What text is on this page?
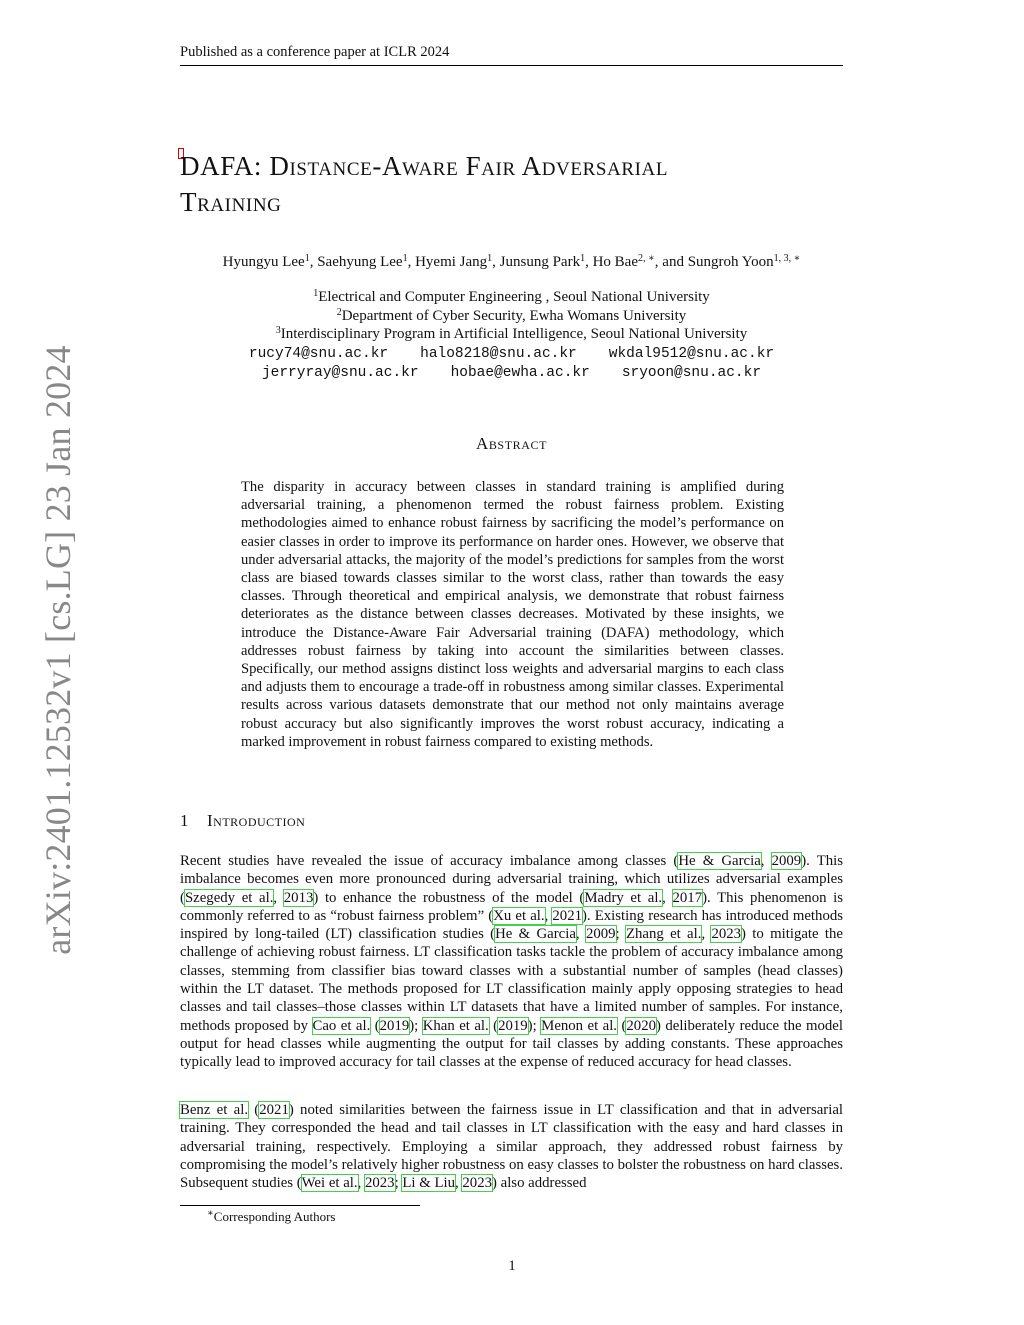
Published as a conference paper at ICLR 2024
arXiv:2401.12532v1 [cs.LG] 23 Jan 2024
DAFA: Distance-Aware Fair Adversarial
Training
Hyungyu Lee$^1$, Saehyung Lee$^1$, Hyemi Jang$^1$, Junsung Park$^1$, Ho Bae$^{2, ∗}$, and Sungroh Yoon$^{1, 3, ∗}$
$^1$Electrical and Computer Engineering , Seoul National University
$^2$Department of Cyber Security, Ewha Womans University
$^3$Interdisciplinary Program in Artificial Intelligence, Seoul National University
rucy74@snu.ac.kr halo8218@snu.ac.kr wkdal9512@snu.ac.kr
jerryray@snu.ac.kr hobae@ewha.ac.kr sryoon@snu.ac.kr
Abstract
The disparity in accuracy between classes in standard training is amplified during adversarial training, a phenomenon termed the robust fairness problem. Existing methodologies aimed to enhance robust fairness by sacrificing the model’s performance on easier classes in order to improve its performance on harder ones. However, we observe that under adversarial attacks, the majority of the model’s predictions for samples from the worst class are biased towards classes similar to the worst class, rather than towards the easy classes. Through theoretical and empirical analysis, we demonstrate that robust fairness deteriorates as the distance between classes decreases. Motivated by these insights, we introduce the Distance-Aware Fair Adversarial training (DAFA) methodology, which addresses robust fairness by taking into account the similarities between classes. Specifically, our method assigns distinct loss weights and adversarial margins to each class and adjusts them to encourage a trade-off in robustness among similar classes. Experimental results across various datasets demonstrate that our method not only maintains average robust accuracy but also significantly improves the worst robust accuracy, indicating a marked improvement in robust fairness compared to existing methods.
1 Introduction
Recent studies have revealed the issue of accuracy imbalance among classes (He & Garcia, 2009). This imbalance becomes even more pronounced during adversarial training, which utilizes adversarial examples (Szegedy et al., 2013) to enhance the robustness of the model (Madry et al., 2017). This phenomenon is commonly referred to as “robust fairness problem” (Xu et al., 2021). Existing research has introduced methods inspired by long-tailed (LT) classification studies (He & Garcia, 2009; Zhang et al., 2023) to mitigate the challenge of achieving robust fairness. LT classification tasks tackle the problem of accuracy imbalance among classes, stemming from classifier bias toward classes with a substantial number of samples (head classes) within the LT dataset. The methods proposed for LT classification mainly apply opposing strategies to head classes and tail classes–those classes within LT datasets that have a limited number of samples. For instance, methods proposed by Cao et al. (2019); Khan et al. (2019); Menon et al. (2020) deliberately reduce the model output for head classes while augmenting the output for tail classes by adding constants. These approaches typically lead to improved accuracy for tail classes at the expense of reduced accuracy for head classes.
Benz et al. (2021) noted similarities between the fairness issue in LT classification and that in adversarial training. They corresponded the head and tail classes in LT classification with the easy and hard classes in adversarial training, respectively. Employing a similar approach, they addressed robust fairness by compromising the model’s relatively higher robustness on easy classes to bolster the robustness on hard classes. Subsequent studies (Wei et al., 2023; Li & Liu, 2023) also addressed
∗Corresponding Authors
1
